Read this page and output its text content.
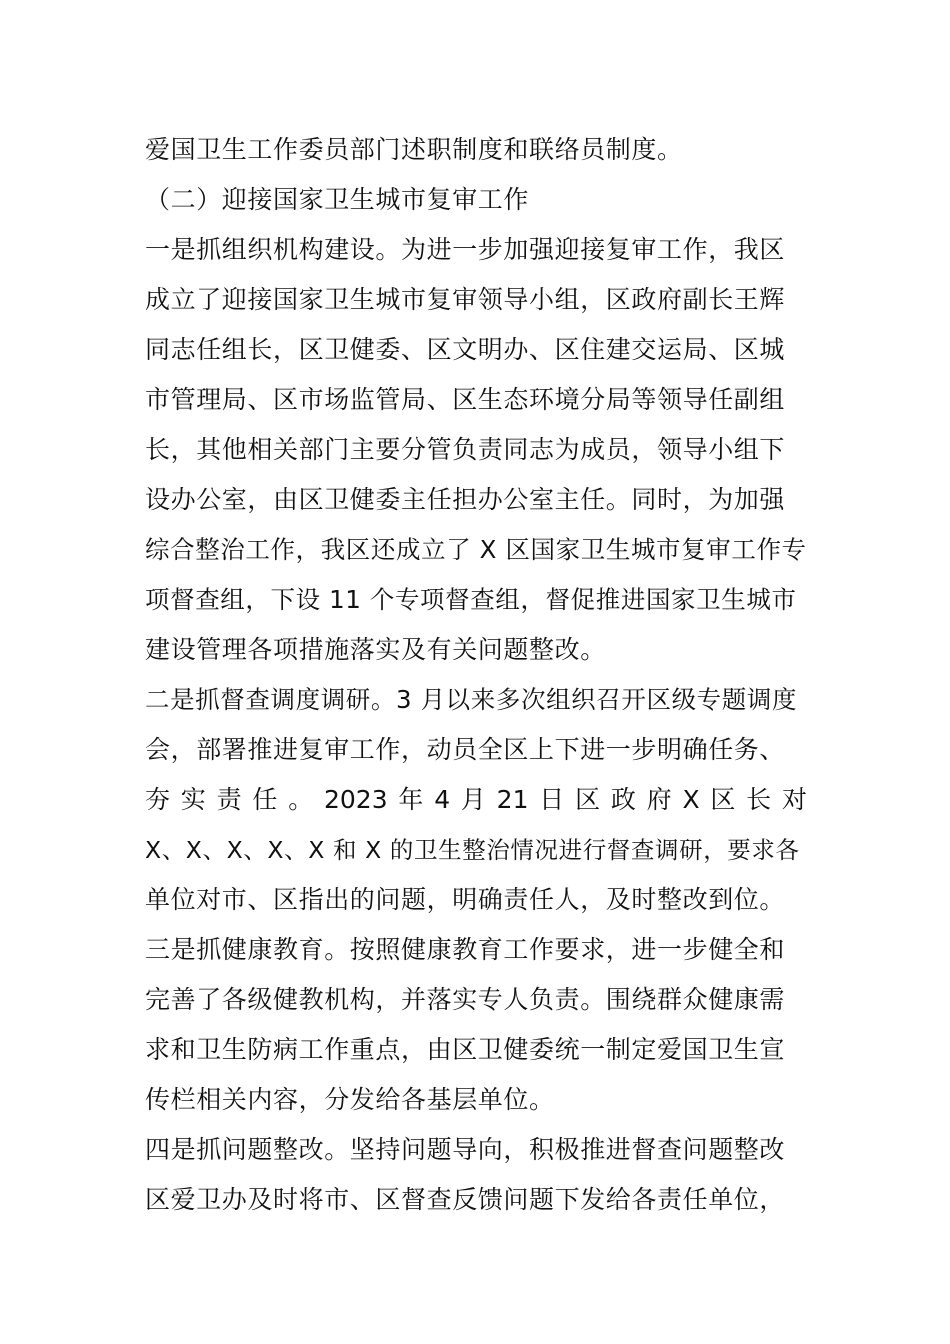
爱国卫生工作委员部门述职制度和联络员制度。
（二）迎接国家卫生城市复审工作
一是抓组织机构建设。为进一步加强迎接复审工作，我区
成立了迎接国家卫生城市复审领导小组，区政府副长王辉
同志任组长，区卫健委、区文明办、区住建交运局、区城
市管理局、区市场监管局、区生态环境分局等领导任副组
长，其他相关部门主要分管负责同志为成员，领导小组下
设办公室，由区卫健委主任担办公室主任。同时，为加强
综合整治工作，我区还成立了 X 区国家卫生城市复审工作专
项督查组，下设 11 个专项督查组，督促推进国家卫生城市
建设管理各项措施落实及有关问题整改。
二是抓督查调度调研。3 月以来多次组织召开区级专题调度
会，部署推进复审工作，动员全区上下进一步明确任务、
夯 实 责 任 。 2023 年 4 月 21 日 区 政 府 X 区 长 对
X、X、X、X、X 和 X 的卫生整治情况进行督查调研，要求各
单位对市、区指出的问题，明确责任人，及时整改到位。
三是抓健康教育。按照健康教育工作要求，进一步健全和
完善了各级健教机构，并落实专人负责。围绕群众健康需
求和卫生防病工作重点，由区卫健委统一制定爱国卫生宣
传栏相关内容，分发给各基层单位。
四是抓问题整改。坚持问题导向，积极推进督查问题整改
区爱卫办及时将市、区督查反馈问题下发给各责任单位，
